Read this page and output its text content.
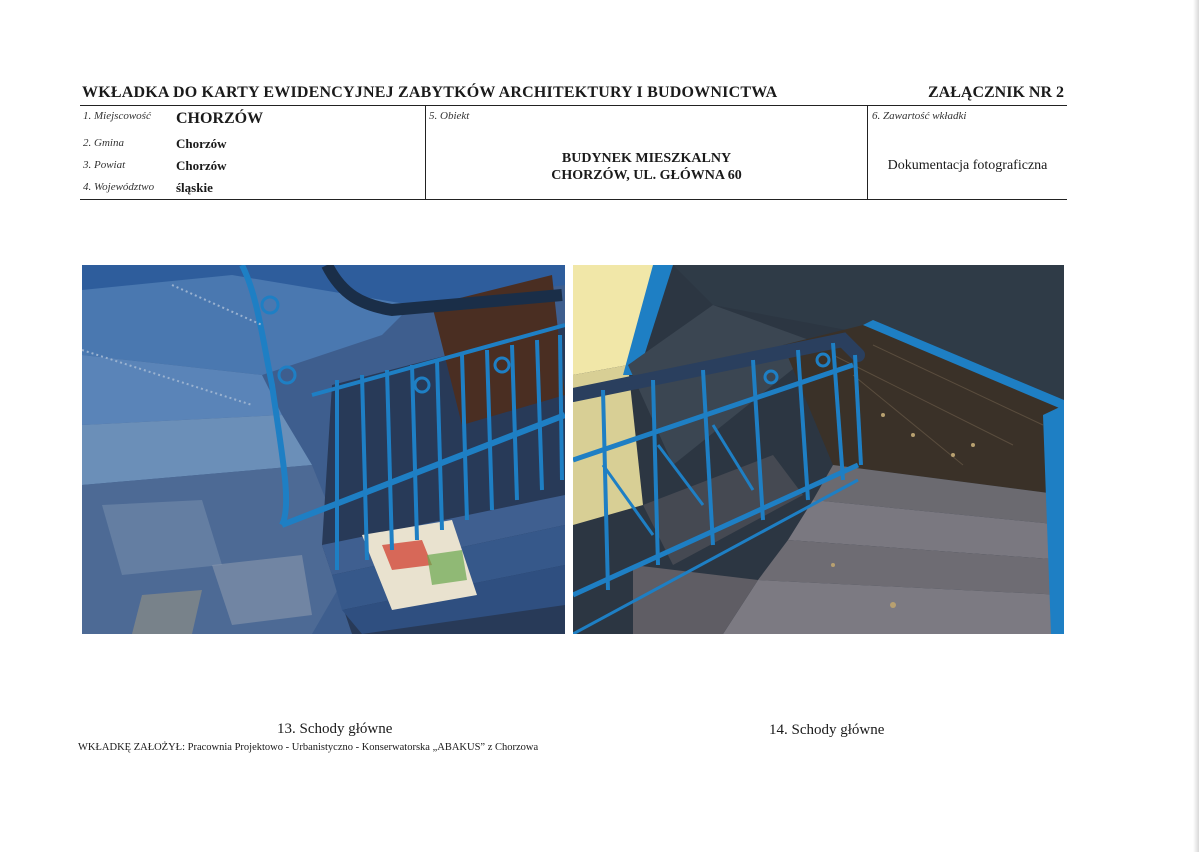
WKŁADKA DO KARTY EWIDENCYJNEJ ZABYTKÓW ARCHITEKTURY I BUDOWNICTWA	ZAŁĄCZNIK NR 2
1. Miejscowość CHORZÓW
2. Gmina	Chorzów
3. Powiat	Chorzów
4. Województwo śląskie
5. Obiekt
BUDYNEK MIESZKALNY
CHORZÓW, UL. GŁÓWNA 60
6. Zawartość wkładki
Dokumentacja fotograficzna
13. Schody główne	14. Schody główne
WKŁADKĘ ZAŁOŻYŁ: Pracownia Projektowo - Urbanistyczno - Konserwatorska „ABAKUS” z Chorzowa
